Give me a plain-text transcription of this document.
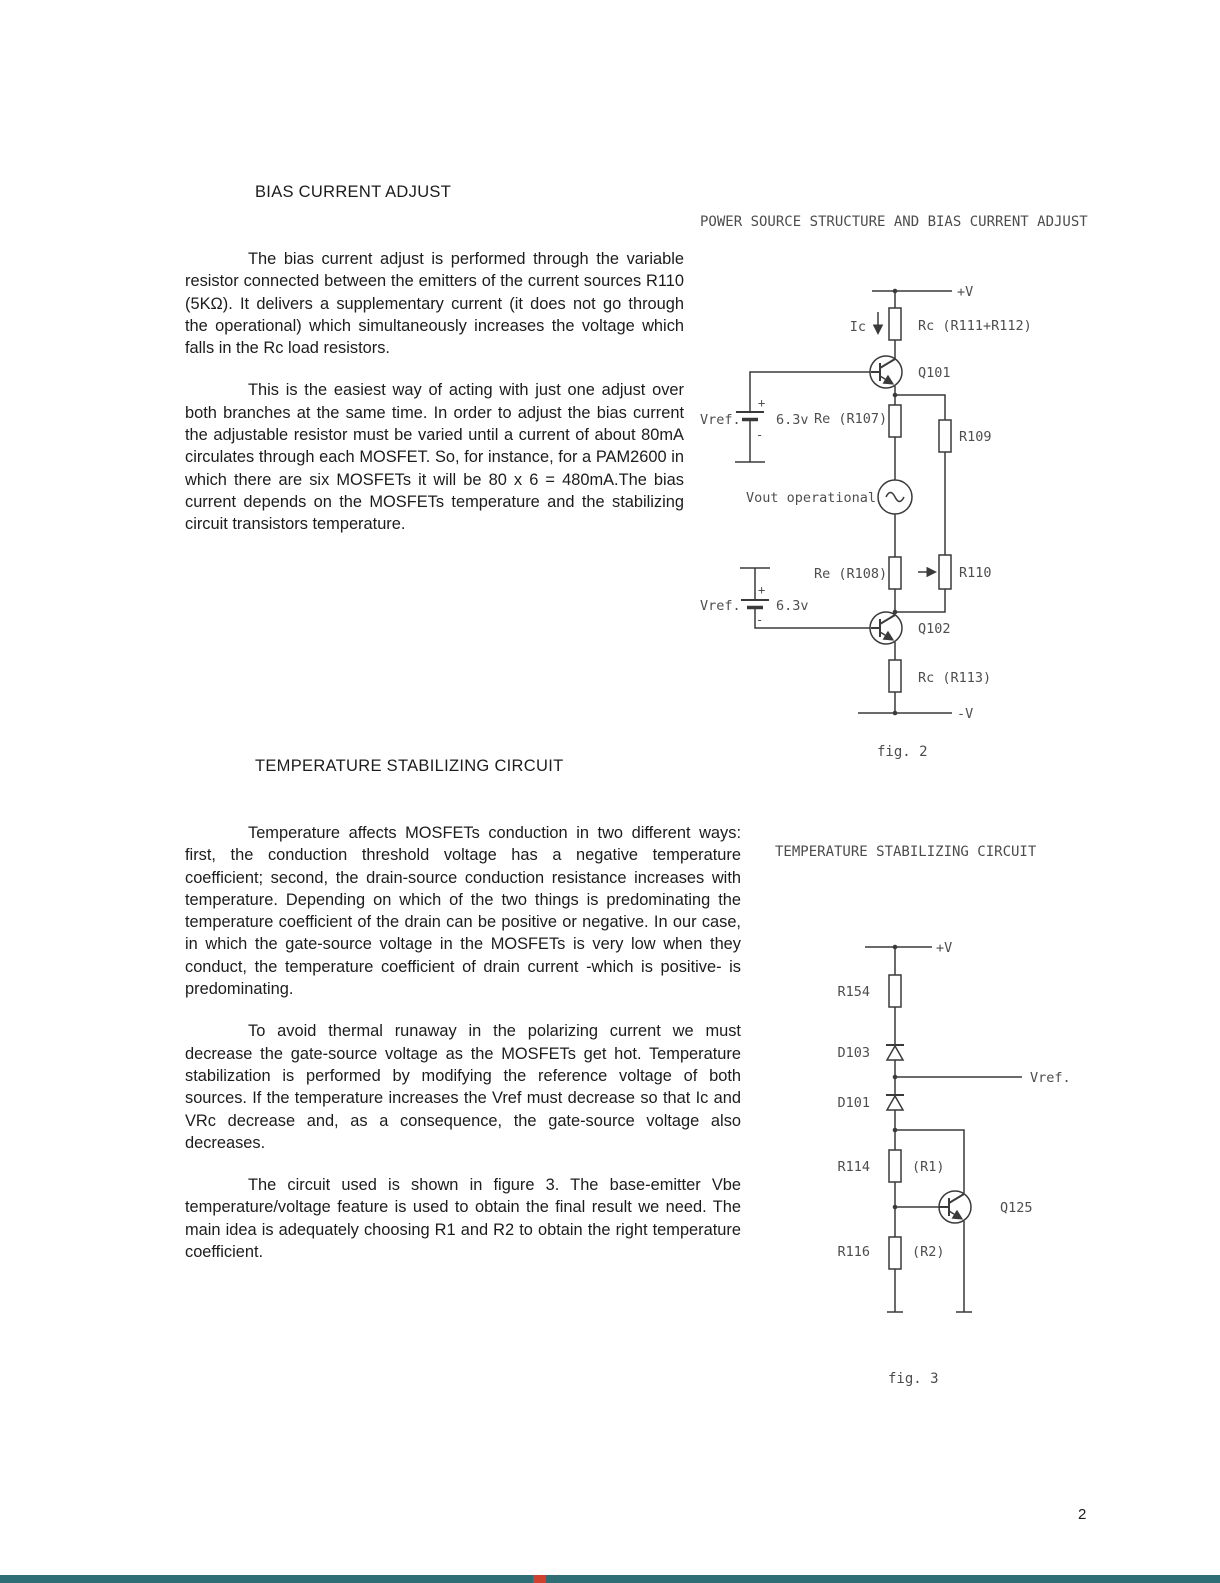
BIAS CURRENT ADJUST
POWER SOURCE STRUCTURE AND BIAS CURRENT ADJUST

The bias current adjust is performed through the variable resistor connected between the emitters of the current sources R110 (5KΩ). It delivers a supplementary current (it does not go through the operational) which simultaneously increases the voltage which falls in the Rc load resistors.

This is the easiest way of acting with just one adjust over both branches at the same time. In order to adjust the bias current the adjustable resistor must be varied until a current of about 80mA circulates through each MOSFET. So, for instance, for a PAM2600 in which there are six MOSFETs it will be 80 x 6 = 480mA.The bias current depends on the MOSFETs temperature and the stabilizing circuit transistors temperature.

+V
Ic	Rc (R111+R112)
Q101
+
Vref.	6.3v
-
Re (R107)
R109
Vout operational
Re (R108)	R110
+
Vref.	6.3v
-
Q102
Rc (R113)
-V
fig. 2
TEMPERATURE STABILIZING CIRCUIT
TEMPERATURE STABILIZING CIRCUIT

Temperature affects MOSFETs conduction in two different ways: first, the conduction threshold voltage has a negative temperature coefficient; second, the drain-source conduction resistance increases with temperature. Depending on which of the two things is predominating the temperature coefficient of the drain can be positive or negative. In our case, in which the gate-source voltage in the MOSFETs is very low when they conduct, the temperature coefficient of drain current -which is positive- is predominating.

To avoid thermal runaway in the polarizing current we must decrease the gate-source voltage as the MOSFETs get hot. Temperature stabilization is performed by modifying the reference voltage of both sources. If the temperature increases the Vref must decrease so that Ic and VRc decrease and, as a consequence, the gate-source voltage also decreases.

The circuit used is shown in figure 3. The base-emitter Vbe temperature/voltage feature is used to obtain the final result we need. The main idea is adequately choosing R1 and R2 to obtain the right temperature coefficient.

+V
R154
D103
Vref.
D101
R114	(R1)
Q125
R116	(R2)
fig. 3
2
